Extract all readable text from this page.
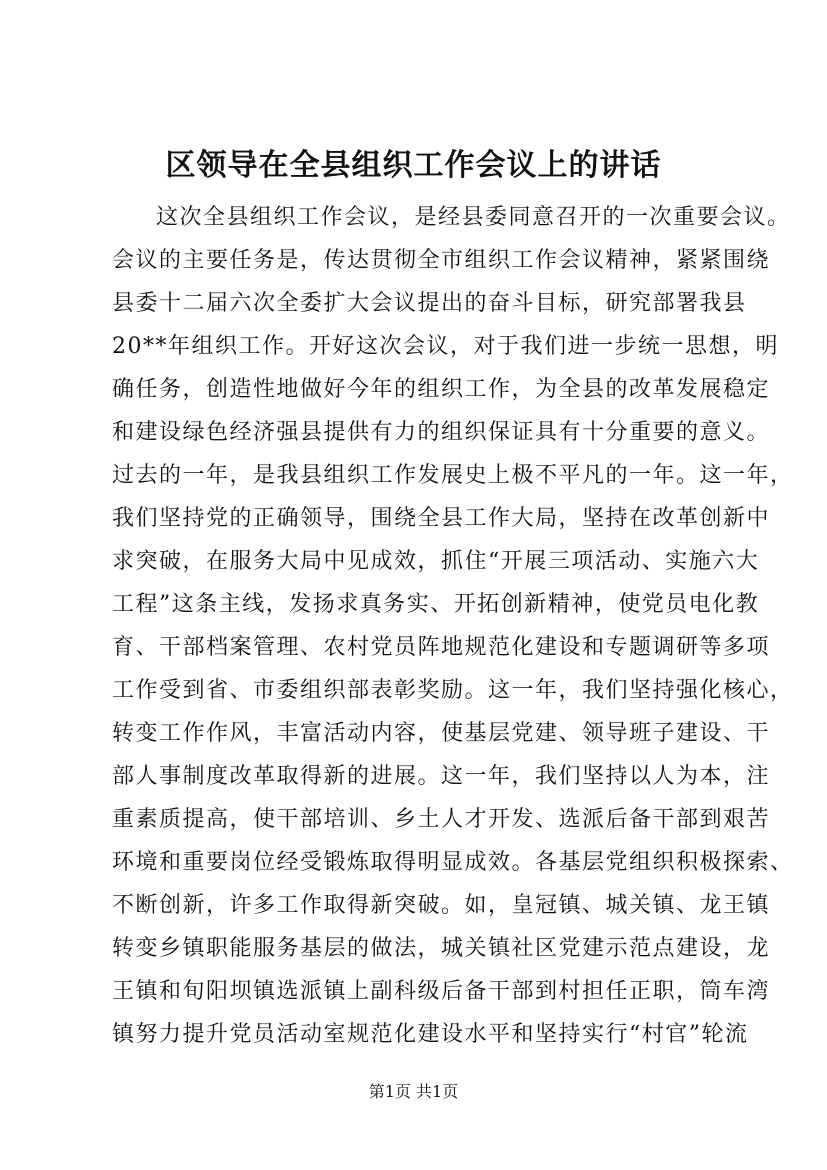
区领导在全县组织工作会议上的讲话
这次全县组织工作会议，是经县委同意召开的一次重要会议。
会议的主要任务是，传达贯彻全市组织工作会议精神，紧紧围绕
县委十二届六次全委扩大会议提出的奋斗目标，研究部署我县
20**年组织工作。开好这次会议，对于我们进一步统一思想，明
确任务，创造性地做好今年的组织工作，为全县的改革发展稳定
和建设绿色经济强县提供有力的组织保证具有十分重要的意义。
过去的一年，是我县组织工作发展史上极不平凡的一年。这一年，
我们坚持党的正确领导，围绕全县工作大局，坚持在改革创新中
求突破，在服务大局中见成效，抓住“开展三项活动、实施六大
工程”这条主线，发扬求真务实、开拓创新精神，使党员电化教
育、干部档案管理、农村党员阵地规范化建设和专题调研等多项
工作受到省、市委组织部表彰奖励。这一年，我们坚持强化核心，
转变工作作风，丰富活动内容，使基层党建、领导班子建设、干
部人事制度改革取得新的进展。这一年，我们坚持以人为本，注
重素质提高，使干部培训、乡土人才开发、选派后备干部到艰苦
环境和重要岗位经受锻炼取得明显成效。各基层党组织积极探索、
不断创新，许多工作取得新突破。如，皇冠镇、城关镇、龙王镇
转变乡镇职能服务基层的做法，城关镇社区党建示范点建设，龙
王镇和旬阳坝镇选派镇上副科级后备干部到村担任正职，筒车湾
镇努力提升党员活动室规范化建设水平和坚持实行“村官”轮流
第1页 共1页
